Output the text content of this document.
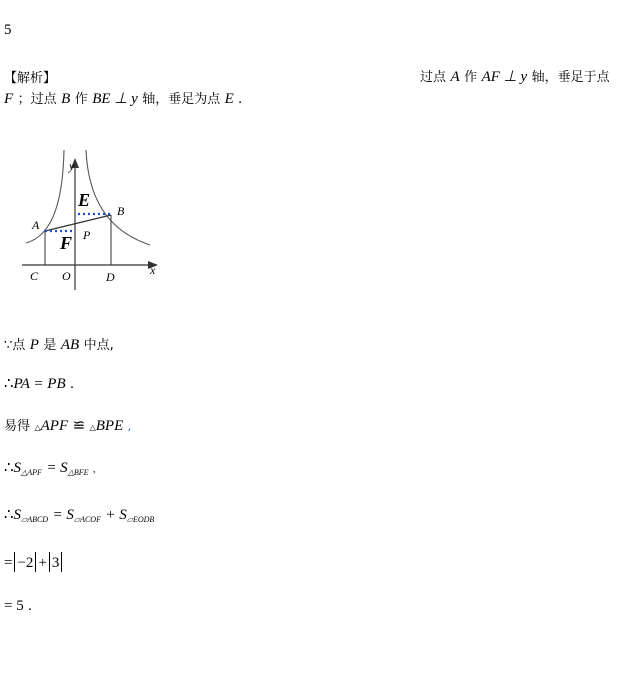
5
【解析】	过点 A 作 AF ⊥ y 轴，垂足于点
F ；过点 B 作 BE ⊥ y 轴，垂足为点 E .
y
x
E
F
A
B
P
C O	D
∵点 P 是 AB 中点,
∴PA = PB .
易得 △APF ≌ △BPE ,
$\therefore S_{\triangle APF} = S_{\triangle BFE}$ ,
$\therefore S_{▱ABCD} = S_{▱ACOF} + S_{▱EODB}$
= −2 + 3
= 5 .
